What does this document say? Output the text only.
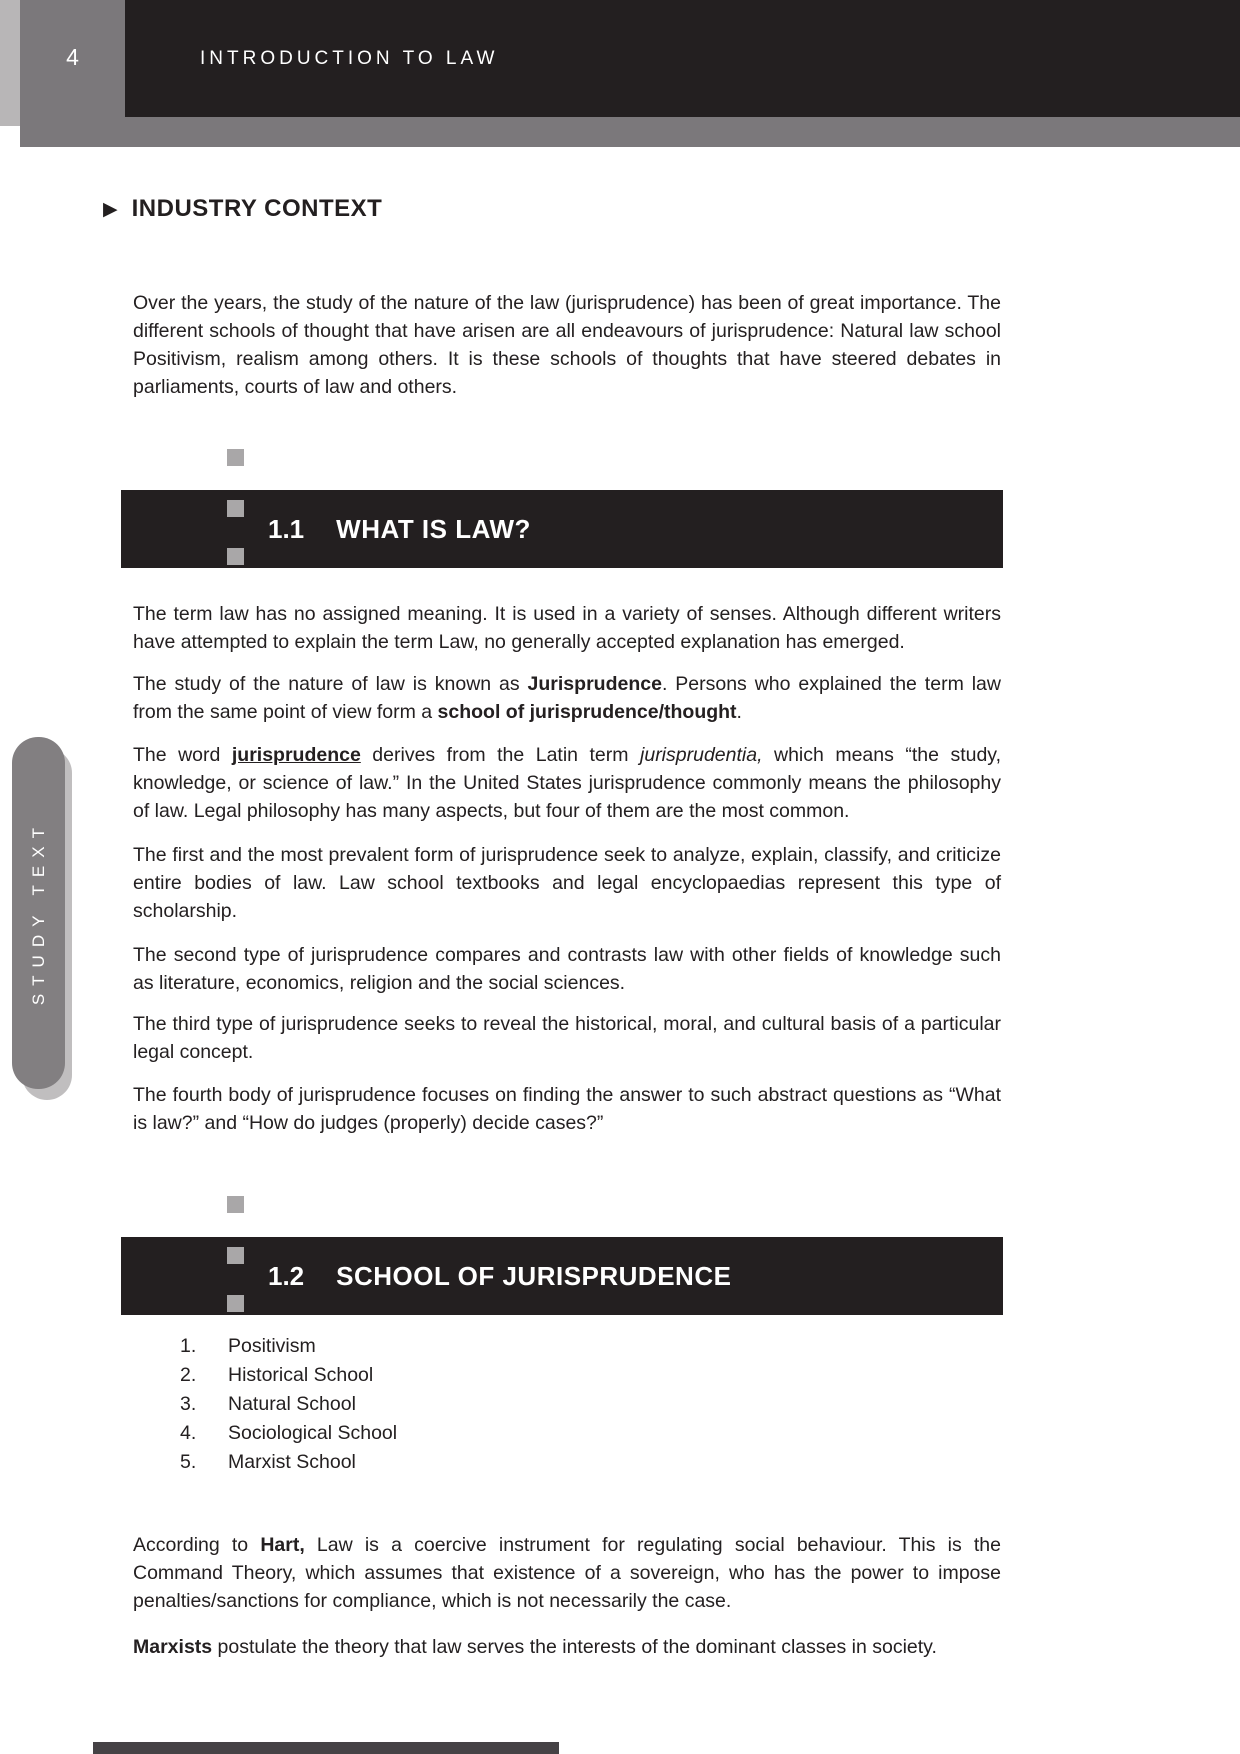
4	INTRODUCTION TO LAW
STUDY TEXT
▶ INDUSTRY CONTEXT

Over the years, the study of the nature of the law (jurisprudence) has been of great importance. The different schools of thought that have arisen are all endeavours of jurisprudence: Natural law school Positivism, realism among others. It is these schools of thoughts that have steered debates in parliaments, courts of law and others.

1.1 WHAT IS LAW?

The term law has no assigned meaning. It is used in a variety of senses. Although different writers have attempted to explain the term Law, no generally accepted explanation has emerged.

The study of the nature of law is known as Jurisprudence. Persons who explained the term law from the same point of view form a school of jurisprudence/thought.

The word jurisprudence derives from the Latin term jurisprudentia, which means “the study, knowledge, or science of law.” In the United States jurisprudence commonly means the philosophy of law. Legal philosophy has many aspects, but four of them are the most common.

The first and the most prevalent form of jurisprudence seek to analyze, explain, classify, and criticize entire bodies of law. Law school textbooks and legal encyclopaedias represent this type of scholarship.

The second type of jurisprudence compares and contrasts law with other fields of knowledge such as literature, economics, religion and the social sciences.

The third type of jurisprudence seeks to reveal the historical, moral, and cultural basis of a particular legal concept.

The fourth body of jurisprudence focuses on finding the answer to such abstract questions as “What is law?” and “How do judges (properly) decide cases?”

1.2 SCHOOL OF JURISPRUDENCE
1.	Positivism
2.	Historical School
3.	Natural School
4.	Sociological School
5.	Marxist School

According to Hart, Law is a coercive instrument for regulating social behaviour. This is the Command Theory, which assumes that existence of a sovereign, who has the power to impose penalties/sanctions for compliance, which is not necessarily the case.

Marxists postulate the theory that law serves the interests of the dominant classes in society.
